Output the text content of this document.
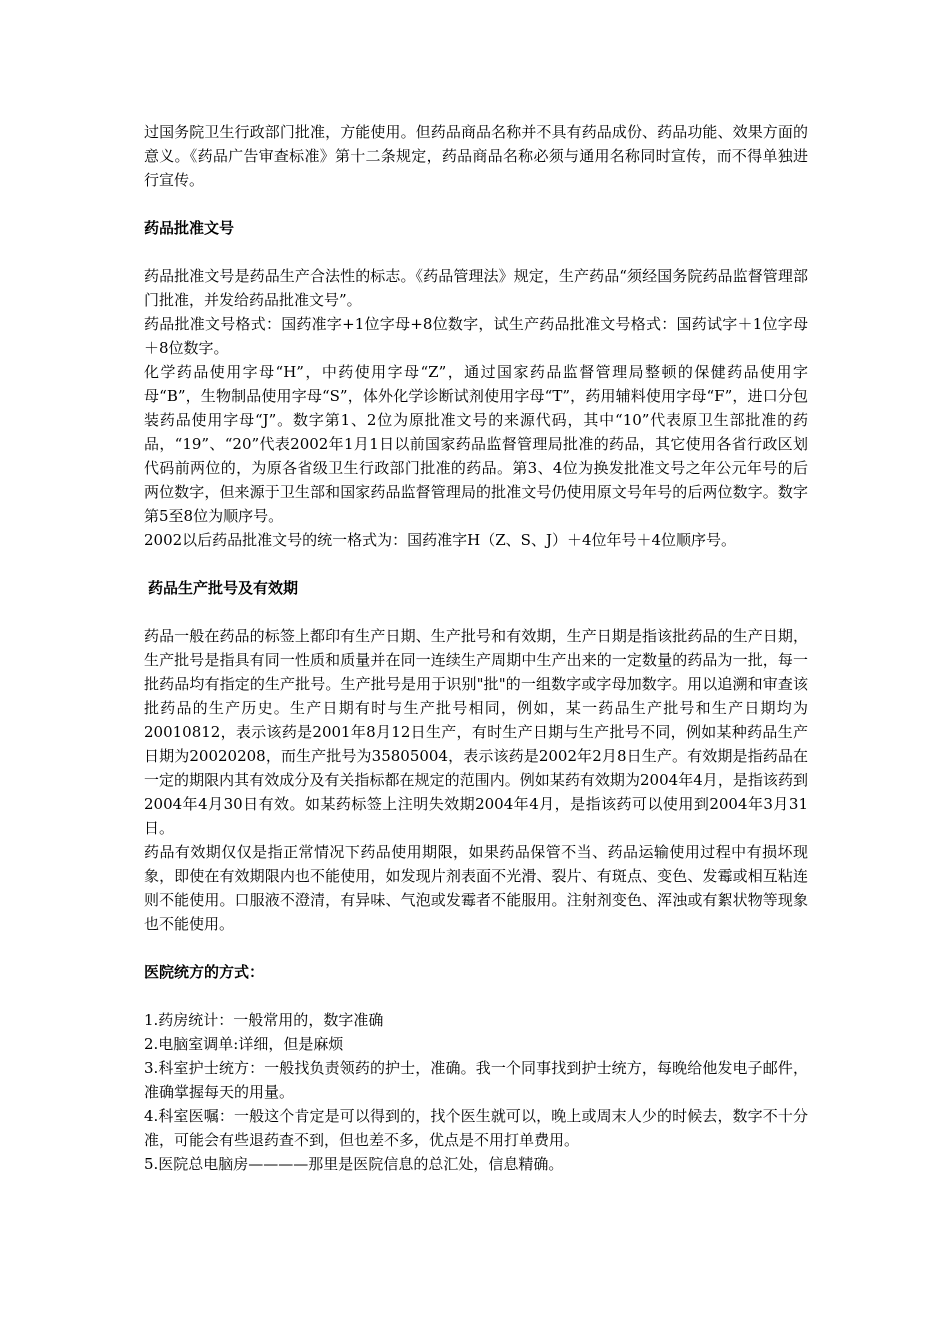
过国务院卫生行政部门批准，方能使用。但药品商品名称并不具有药品成份、药品功能、效果方面的意义。《药品广告审查标准》第十二条规定，药品商品名称必须与通用名称同时宣传，而不得单独进行宣传。

药品批准文号

药品批准文号是药品生产合法性的标志。《药品管理法》规定，生产药品“须经国务院药品监督管理部门批准，并发给药品批准文号”。

药品批准文号格式：国药准字+1位字母+8位数字，试生产药品批准文号格式：国药试字＋1位字母＋8位数字。

化学药品使用字母“H”，中药使用字母“Z”，通过国家药品监督管理局整顿的保健药品使用字母“B”，生物制品使用字母“S”，体外化学诊断试剂使用字母“T”，药用辅料使用字母“F”，进口分包装药品使用字母“J”。数字第1、2位为原批准文号的来源代码，其中“10”代表原卫生部批准的药品，“19”、“20”代表2002年1月1日以前国家药品监督管理局批准的药品，其它使用各省行政区划代码前两位的，为原各省级卫生行政部门批准的药品。第3、4位为换发批准文号之年公元年号的后两位数字，但来源于卫生部和国家药品监督管理局的批准文号仍使用原文号年号的后两位数字。数字第5至8位为顺序号。

2002以后药品批准文号的统一格式为：国药准字H（Z、S、J）＋4位年号＋4位顺序号。

药品生产批号及有效期

药品一般在药品的标签上都印有生产日期、生产批号和有效期，生产日期是指该批药品的生产日期，生产批号是指具有同一性质和质量并在同一连续生产周期中生产出来的一定数量的药品为一批，每一批药品均有指定的生产批号。生产批号是用于识别"批"的一组数字或字母加数字。用以追溯和审查该批药品的生产历史。生产日期有时与生产批号相同，例如，某一药品生产批号和生产日期均为20010812，表示该药是2001年8月12日生产，有时生产日期与生产批号不同，例如某种药品生产日期为20020208，而生产批号为35805004，表示该药是2002年2月8日生产。有效期是指药品在一定的期限内其有效成分及有关指标都在规定的范围内。例如某药有效期为2004年4月，是指该药到2004年4月30日有效。如某药标签上注明失效期2004年4月，是指该药可以使用到2004年3月31日。

药品有效期仅仅是指正常情况下药品使用期限，如果药品保管不当、药品运输使用过程中有损坏现象，即使在有效期限内也不能使用，如发现片剂表面不光滑、裂片、有斑点、变色、发霉或相互粘连则不能使用。口服液不澄清，有异味、气泡或发霉者不能服用。注射剂变色、浑浊或有絮状物等现象也不能使用。

医院统方的方式：

1.药房统计：一般常用的，数字准确

2.电脑室调单:详细，但是麻烦

3.科室护士统方：一般找负责领药的护士，准确。我一个同事找到护士统方，每晚给他发电子邮件，准确掌握每天的用量。

4.科室医嘱：一般这个肯定是可以得到的，找个医生就可以，晚上或周末人少的时候去，数字不十分准，可能会有些退药查不到，但也差不多，优点是不用打单费用。

5.医院总电脑房————那里是医院信息的总汇处，信息精确。
